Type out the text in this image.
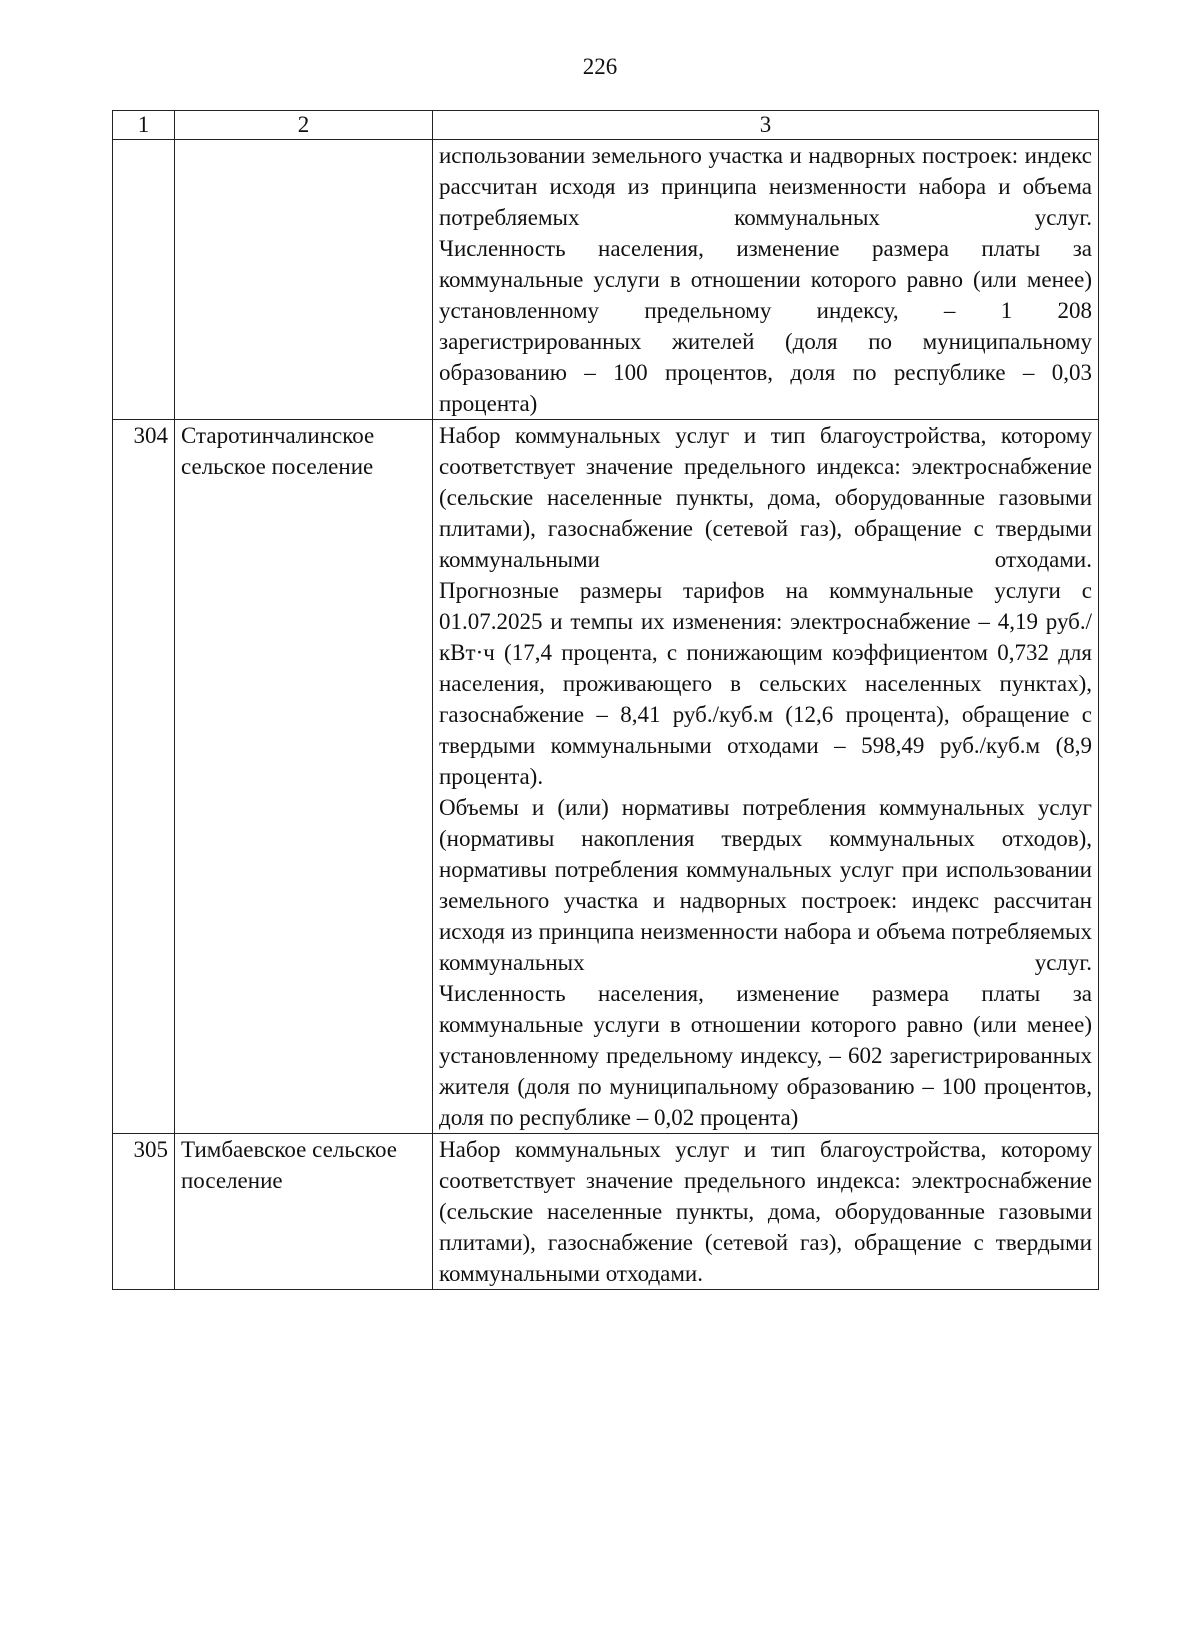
226
1	2	3

		использовании земельного участка и надворных построек: индекс рассчитан исходя из принципа неизменности набора и объема потребляемых коммунальных услуг.

Численность населения, изменение размера платы за коммунальные услуги в отношении которого равно (или менее) установленному предельному индексу, – 1 208 зарегистрированных жителей (доля по муниципальному образованию – 100 процентов, доля по республике – 0,03 процента)

304	Старотинчалинское сельское поселение	Набор коммунальных услуг и тип благоустройства, которому соответствует значение предельного индекса: электроснабжение (сельские населенные пункты, дома, оборудованные газовыми плитами), газоснабжение (сетевой газ), обращение с твердыми коммунальными отходами.

Прогнозные размеры тарифов на коммунальные услуги с 01.07.2025 и темпы их изменения: электроснабжение – 4,19 руб./кВт·ч (17,4 процента, с понижающим коэффициентом 0,732 для населения, проживающего в сельских населенных пунктах), газоснабжение – 8,41 руб./куб.м (12,6 процента), обращение с твердыми коммунальными отходами – 598,49 руб./куб.м (8,9 процента).

Объемы и (или) нормативы потребления коммунальных услуг (нормативы накопления твердых коммунальных отходов), нормативы потребления коммунальных услуг при использовании земельного участка и надворных построек: индекс рассчитан исходя из принципа неизменности набора и объема потребляемых коммунальных услуг.

Численность населения, изменение размера платы за коммунальные услуги в отношении которого равно (или менее) установленному предельному индексу, – 602 зарегистрированных жителя (доля по муниципальному образованию – 100 процентов, доля по республике – 0,02 процента)

305	Тимбаевское сельское поселение	Набор коммунальных услуг и тип благоустройства, которому соответствует значение предельного индекса: электроснабжение (сельские населенные пункты, дома, оборудованные газовыми плитами), газоснабжение (сетевой газ), обращение с твердыми коммунальными отходами.
